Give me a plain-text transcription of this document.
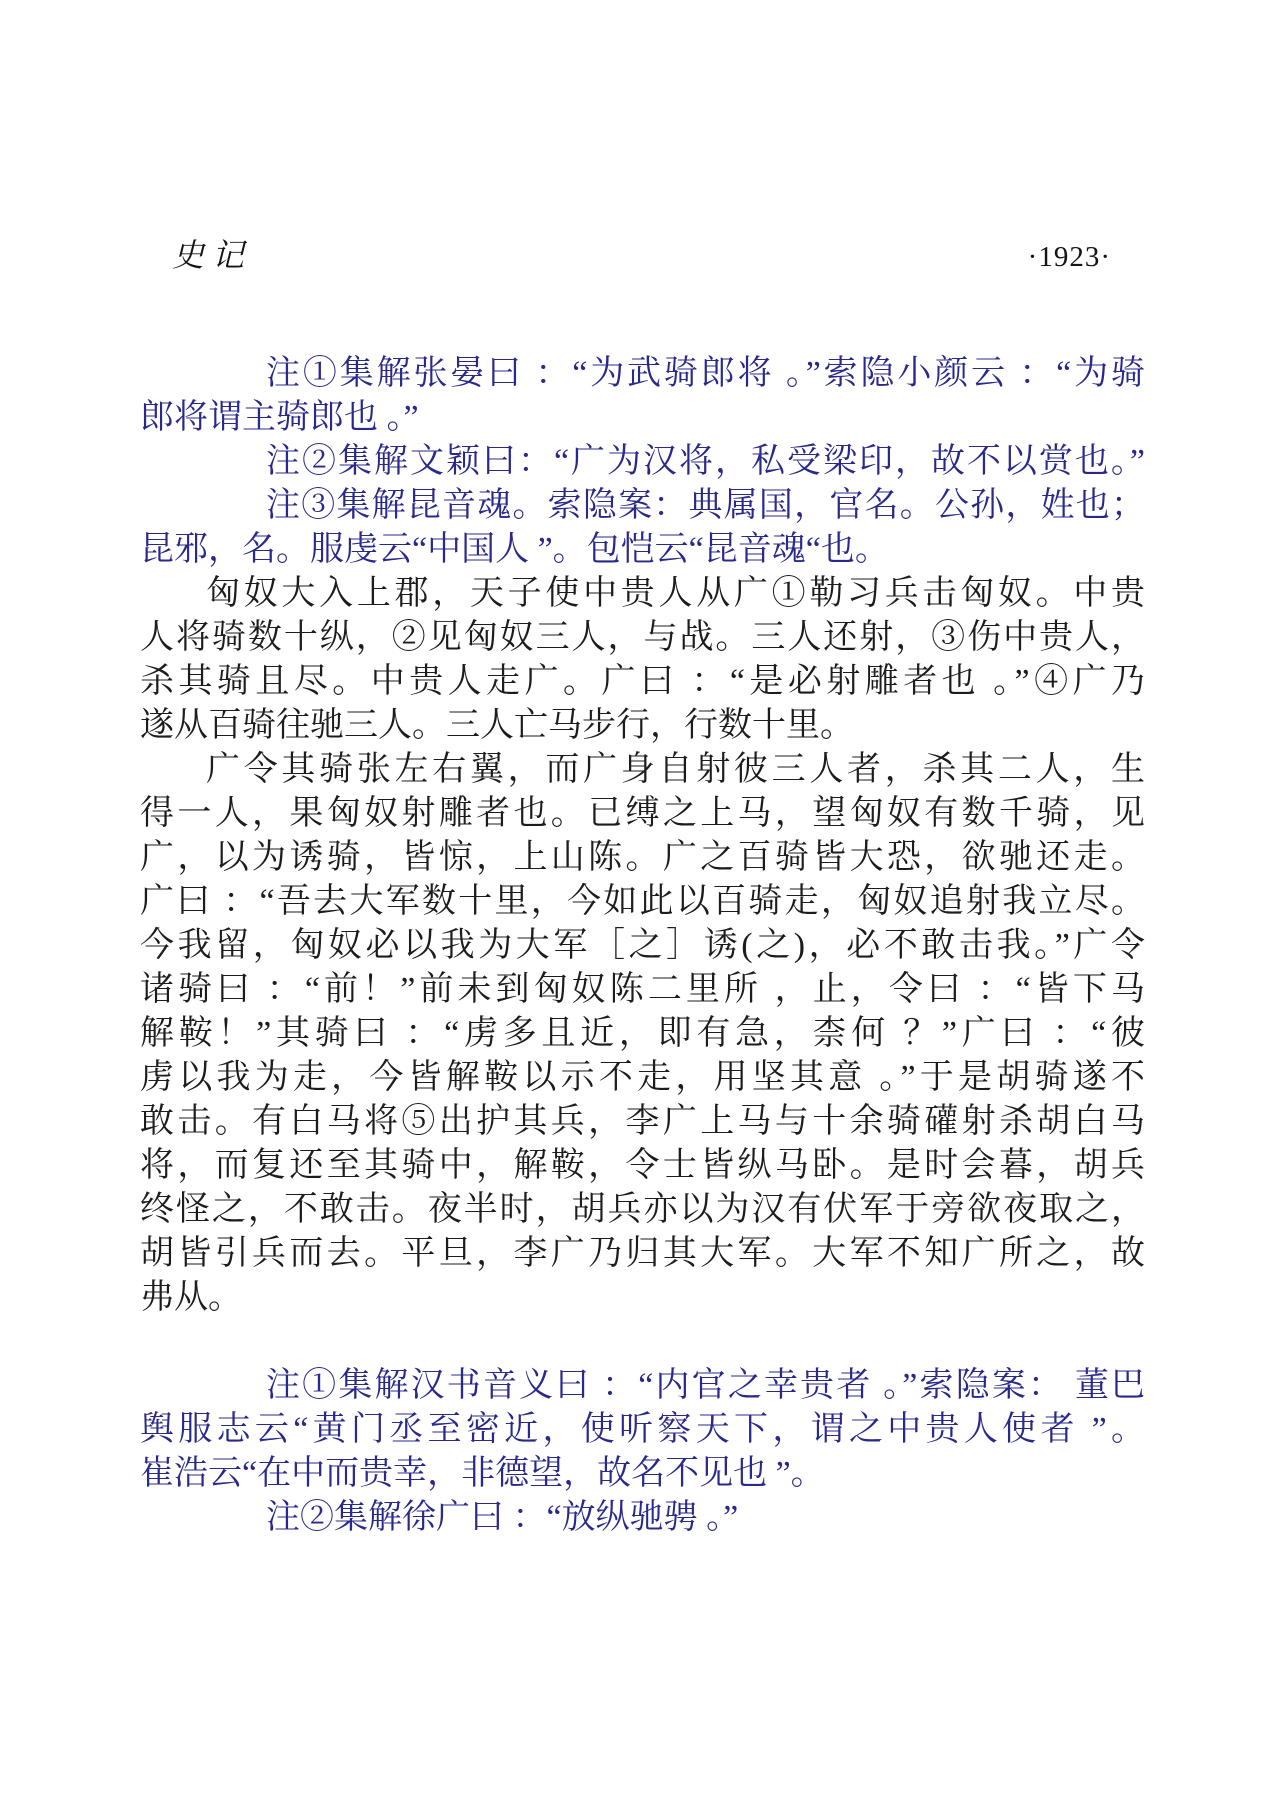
史记	·1923·
注①集解张晏曰 ：“为武骑郎将 。”索隐小颜云 ：“为骑
郎将谓主骑郎也 。”
注②集解文颖曰：“广为汉将，私受梁印，故不以赏也。”
注③集解昆音魂。索隐案：典属国，官名。公孙，姓也；
昆邪，名。服虔云“中国人 ”。包恺云“昆音魂“也。
匈奴大入上郡，天子使中贵人从广①勒习兵击匈奴。中贵
人将骑数十纵，②见匈奴三人，与战。三人还射，③伤中贵人，
杀其骑且尽。中贵人走广。广曰 ：“是必射雕者也 。”④广乃
遂从百骑往驰三人。三人亡马步行，行数十里。
广令其骑张左右翼，而广身自射彼三人者，杀其二人，生
得一人，果匈奴射雕者也。已缚之上马，望匈奴有数千骑，见
广，以为诱骑，皆惊，上山陈。广之百骑皆大恐，欲驰还走。
广曰 ：“吾去大军数十里，今如此以百骑走，匈奴追射我立尽。
今我留，匈奴必以我为大军［之］诱(之)，必不敢击我。”广令
诸骑曰 ：“前！”前未到匈奴陈二里所 ，止，令曰 ：“皆下马
解鞍！”其骑曰 ：“虏多且近，即有急，柰何 ？”广曰 ：“彼
虏以我为走，今皆解鞍以示不走，用坚其意 。”于是胡骑遂不
敢击。有白马将⑤出护其兵，李广上马与十余骑礶射杀胡白马
将，而复还至其骑中，解鞍，令士皆纵马卧。是时会暮，胡兵
终怪之，不敢击。夜半时，胡兵亦以为汉有伏军于旁欲夜取之，
胡皆引兵而去。平旦，李广乃归其大军。大军不知广所之，故
弗从。
注①集解汉书音义曰 ：“内官之幸贵者 。”索隐案： 董巴
舆服志云“黄门丞至密近，使听察天下，谓之中贵人使者 ”。
崔浩云“在中而贵幸，非德望，故名不见也 ”。
注②集解徐广曰 ：“放纵驰骋 。”
